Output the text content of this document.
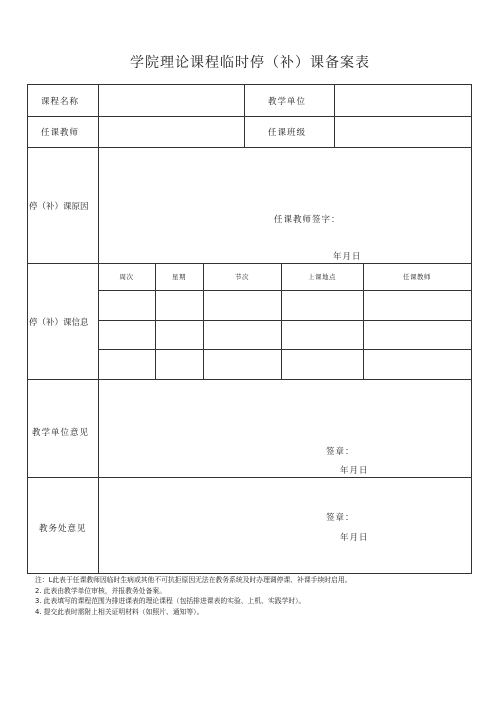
学院理论课程临时停（补）课备案表
课程名称	教学单位
任课教师	任课班级
停（补）课原因
任课教师签字：
年月日
停（补）课信息
周次	星期	节次	上课地点	任课教师
教学单位意见
签章：
年月日
教务处意见
签章：
年月日
注：L此表于任课教师因临时生病或其他不可抗拒原因无法在教务系统及时办理调停课、补课手续时启用。
2. 此表由教学单位审核，并报教务处备案。
3. 此表填写的课程范围为排进课表的理论课程（包括排进课表的实验、上机、实践学时）。
4. 提交此表时需附上相关证明材料（如照片、通知等）。
